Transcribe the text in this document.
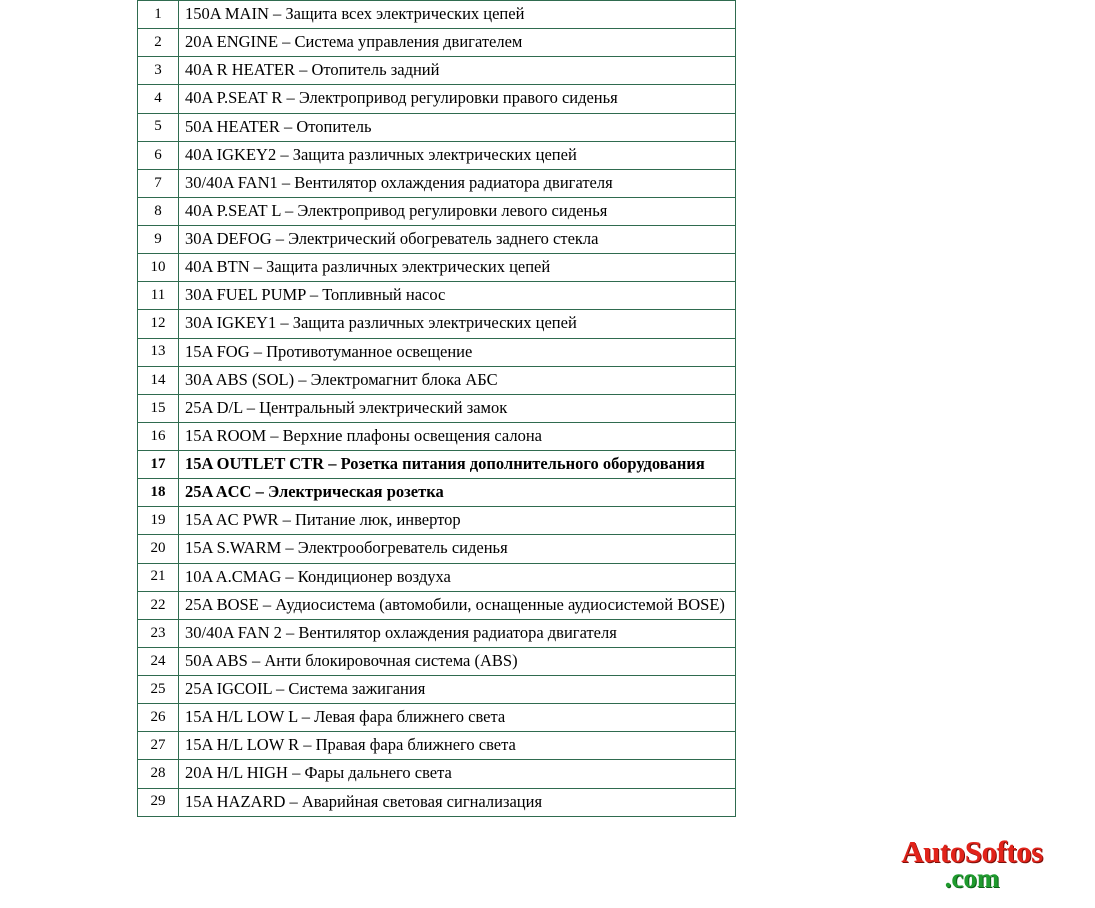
1	150A MAIN – Защита всех электрических цепей
2	20A ENGINE – Система управления двигателем
3	40A R HEATER – Отопитель задний
4	40A P.SEAT R – Электропривод регулировки правого сиденья
5	50A HEATER – Отопитель
6	40A IGKEY2 – Защита различных электрических цепей
7	30/40A FAN1 – Вентилятор охлаждения радиатора двигателя
8	40A P.SEAT L – Электропривод регулировки левого сиденья
9	30A DEFOG – Электрический обогреватель заднего стекла
10	40A BTN – Защита различных электрических цепей
11	30A FUEL PUMP – Топливный насос
12	30A IGKEY1 – Защита различных электрических цепей
13	15A FOG – Противотуманное освещение
14	30A ABS (SOL) – Электромагнит блока АБС
15	25A D/L – Центральный электрический замок
16	15A ROOM – Верхние плафоны освещения салона
17	15A OUTLET CTR – Розетка питания дополнительного оборудования
18	25A ACC – Электрическая розетка
19	15A AC PWR – Питание люк, инвертор
20	15A S.WARM – Электрообогреватель сиденья
21	10A A.CMAG – Кондиционер воздуха
22	25A BOSE – Аудиосистема (автомобили, оснащенные аудиосистемой BOSE)
23	30/40A FAN 2 – Вентилятор охлаждения радиатора двигателя
24	50A ABS – Анти блокировочная система (ABS)
25	25A IGCOIL – Система зажигания
26	15A H/L LOW L – Левая фара ближнего света
27	15A H/L LOW R – Правая фара ближнего света
28	20A H/L HIGH – Фары дальнего света
29	15A HAZARD – Аварийная световая сигнализация
AutoSoftos
.com
